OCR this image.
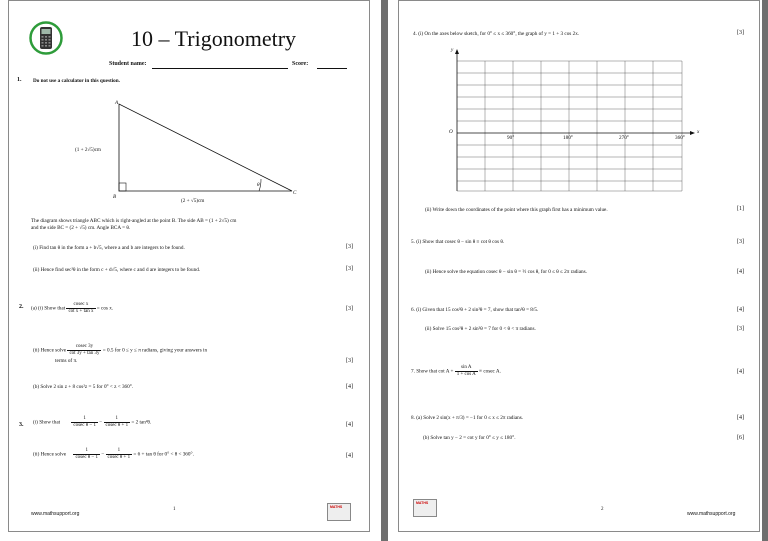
10 – Trigonometry
Student name:	Score:
1. Do not use a calculator in this question.
A
B
C
θ
(1 + 2√5)cm
(2 + √5)cm
The diagram shows triangle ABC which is right-angled at the point B. The side AB = (1 + 2√5) cm
and the side BC = (2 + √5) cm. Angle BCA = θ.
(i) Find tan θ in the form a + b√5, where a and b are integers to be found.	[3]
(ii) Hence find sec²θ in the form c + d√5, where c and d are integers to be found.	[3]
2. (a) (i) Show that $\frac{\text{cosec x}}{\text{cot x + tan x}} = \cos x$.	[3]
(ii) Hence solve $\frac{cosec 3y}{\cot 3y + \tan 3y} = 0.5$ for 0 ≤ y ≤ π radians, giving your answers in
terms of π.	[3]
(b) Solve 2 sin z + 8 cos²z = 5 for 0° < z < 360°.	[4]
3. (i) Show that $\frac{1}{\text{cosec θ − 1}} - \frac{1}{\text{cosec θ + 1}} = 2$ tan²θ.	[4]
(ii) Hence solve $\frac{1}{\text{cosec θ − 1}} - \frac{1}{\text{cosec θ + 1}} = 6 + \tan \theta$ for 0° < θ < 360°.	[4]
1
www.mathsupport.org
MATHS
4. (i) On the axes below sketch, for 0° ≤ x ≤ 360°, the graph of y = 1 + 3 cos 2x.	[3]
y
x
O
90°	180°	270°	360°
(ii) Write down the coordinates of the point where this graph first has a minimum value.	[1]
5. (i) Show that cosec θ − sin θ ≡ cot θ cos θ.	[3]
(ii) Hence solve the equation cosec θ − sin θ = ½ cos θ, for 0 ≤ θ ≤ 2π radians.	[4]
6. (i) Given that 15 cos²θ + 2 sin²θ = 7, show that tan²θ = 8/5.	[4]
(ii) Solve 15 cos²θ + 2 sin²θ = 7 for 0 < θ < π radians.	[3]
7. Show that $\cot A + \frac{\text{sin A}}{\text{1 + cos A}} \equiv cosec$ A.	[4]
8. (a) Solve 2 sin(x + π/3) = −1 for 0 ≤ x ≤ 2π radians.	[4]
(b) Solve tan y − 2 = cot y for 0° ≤ y ≤ 180°.	[6]
MATHS
2
www.mathsupport.org
